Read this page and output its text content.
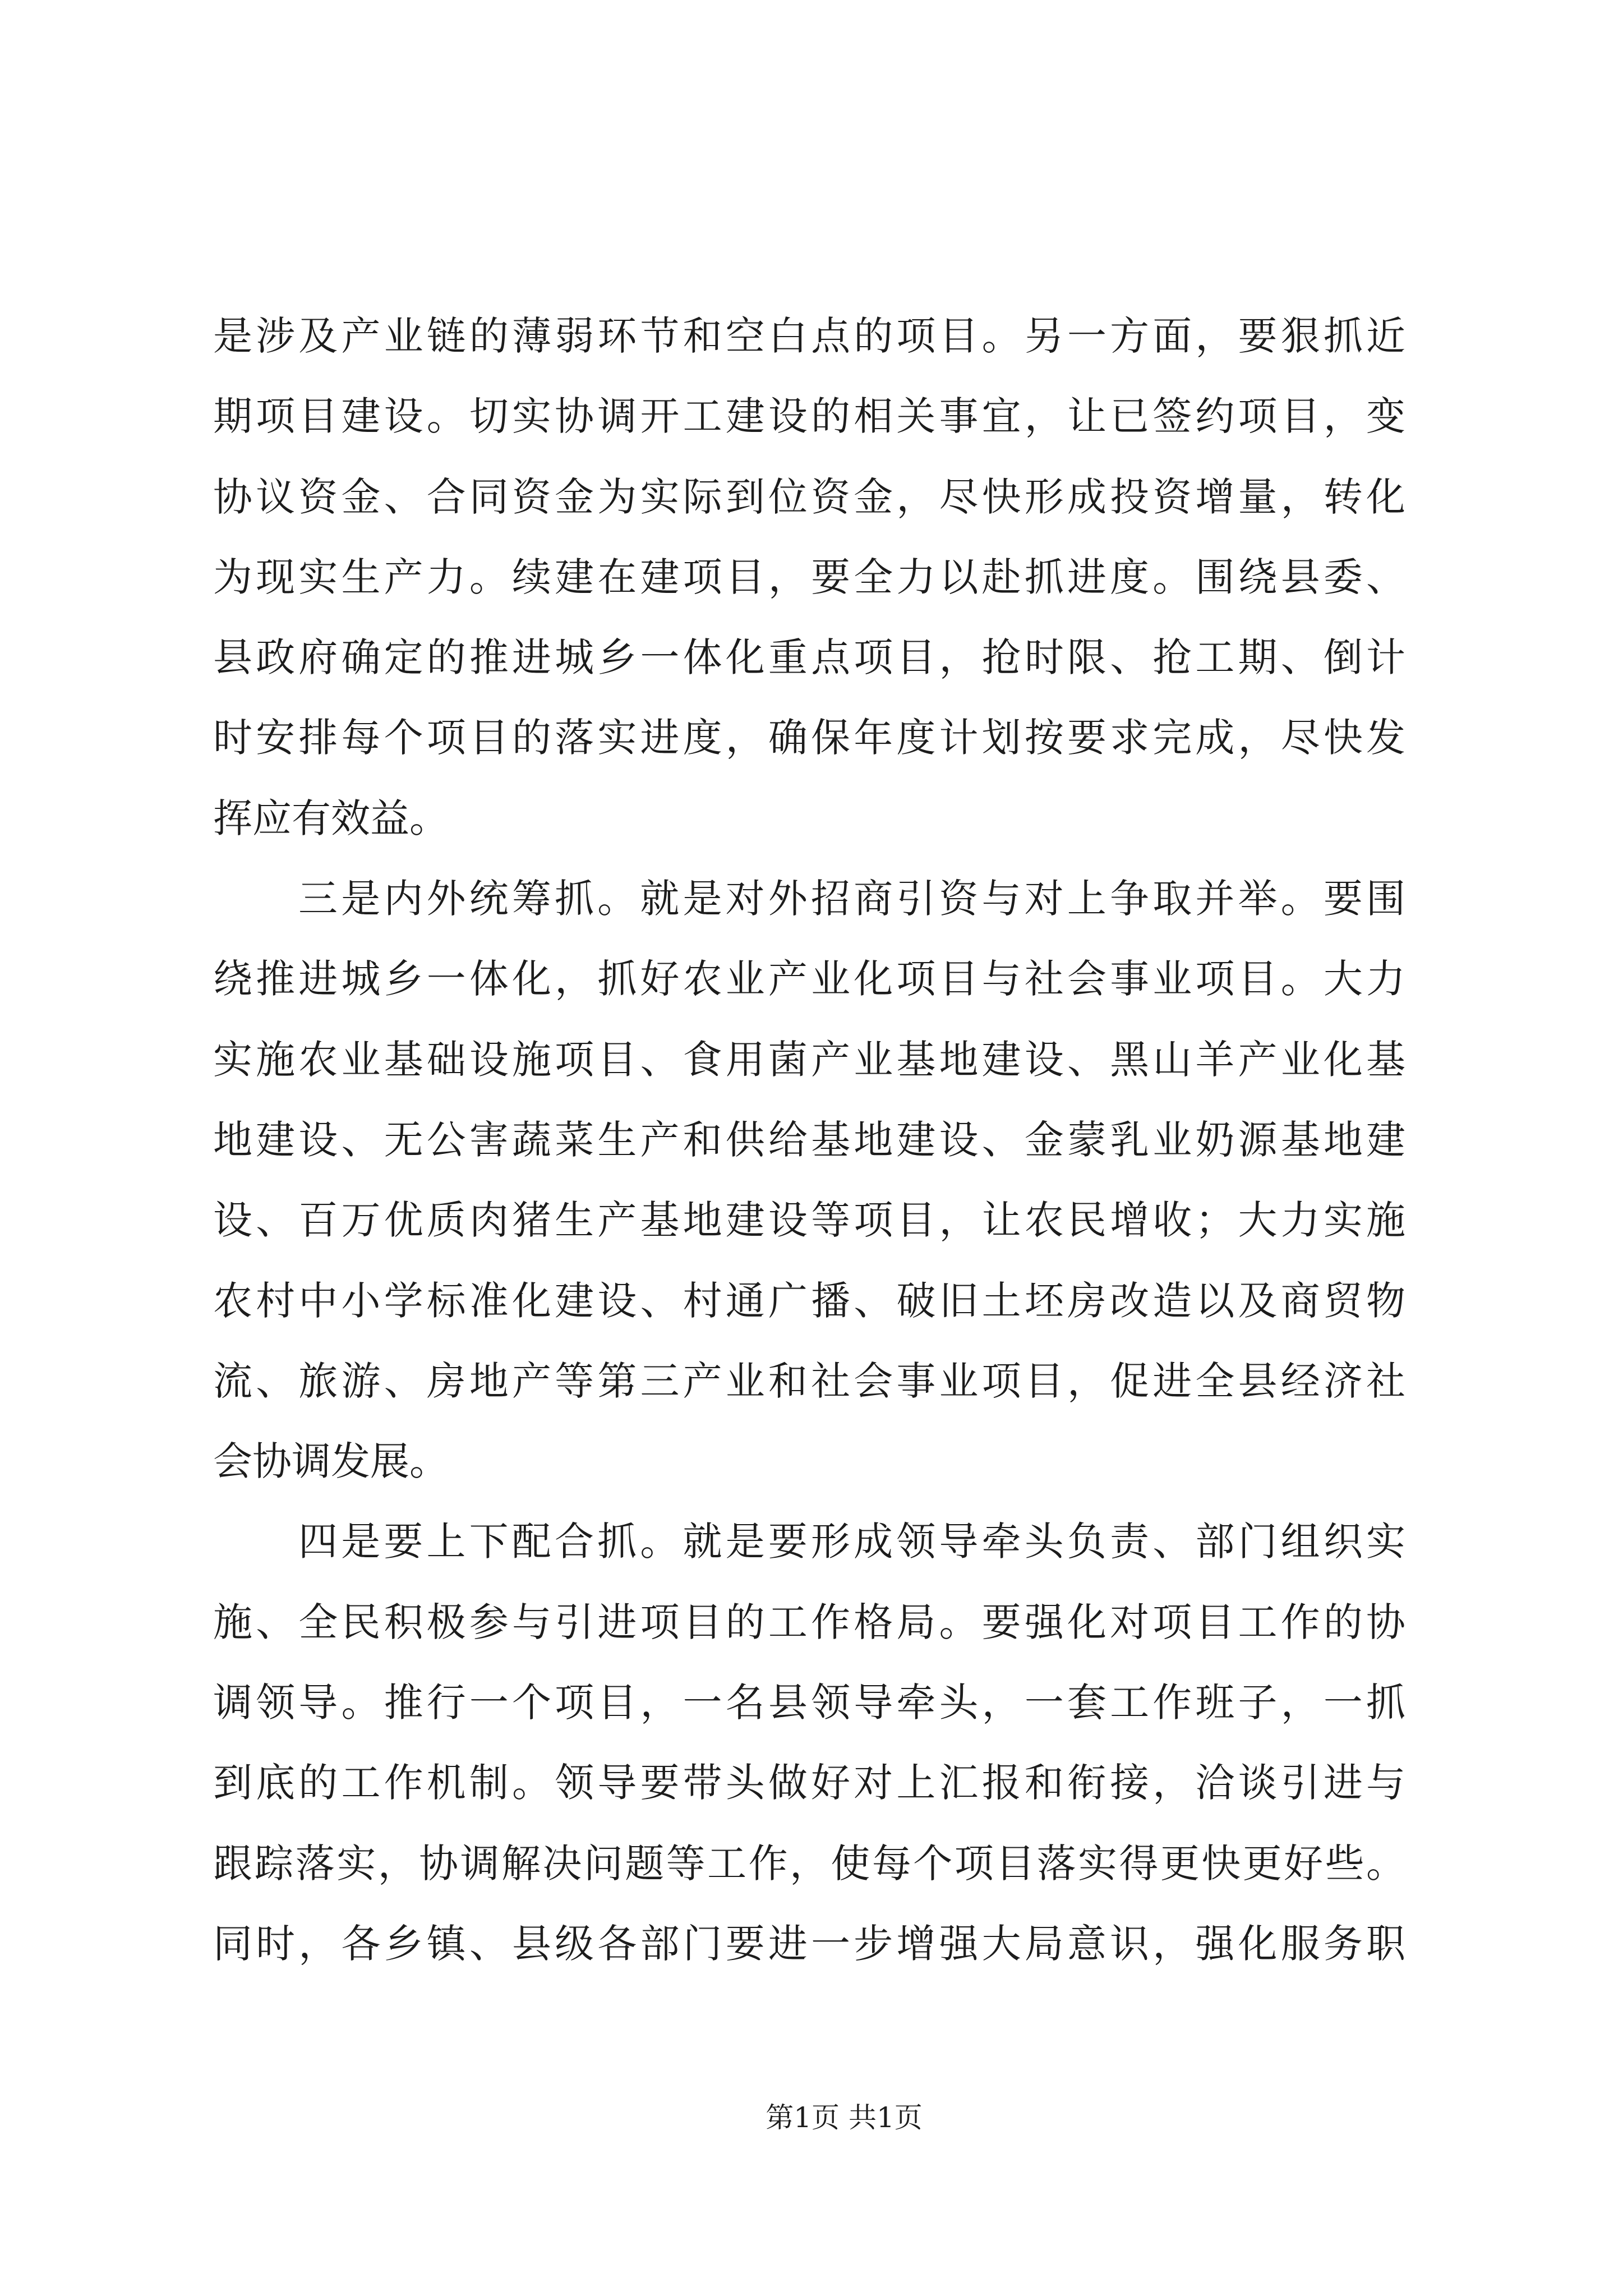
是涉及产业链的薄弱环节和空白点的项目。另一方面，要狠抓近
期项目建设。切实协调开工建设的相关事宜，让已签约项目，变
协议资金、合同资金为实际到位资金，尽快形成投资增量，转化
为现实生产力。续建在建项目，要全力以赴抓进度。围绕县委、
县政府确定的推进城乡一体化重点项目，抢时限、抢工期、倒计
时安排每个项目的落实进度，确保年度计划按要求完成，尽快发
挥应有效益。
三是内外统筹抓。就是对外招商引资与对上争取并举。要围
绕推进城乡一体化，抓好农业产业化项目与社会事业项目。大力
实施农业基础设施项目、食用菌产业基地建设、黑山羊产业化基
地建设、无公害蔬菜生产和供给基地建设、金蒙乳业奶源基地建
设、百万优质肉猪生产基地建设等项目，让农民增收；大力实施
农村中小学标准化建设、村通广播、破旧土坯房改造以及商贸物
流、旅游、房地产等第三产业和社会事业项目，促进全县经济社
会协调发展。
四是要上下配合抓。就是要形成领导牵头负责、部门组织实
施、全民积极参与引进项目的工作格局。要强化对项目工作的协
调领导。推行一个项目，一名县领导牵头，一套工作班子，一抓
到底的工作机制。领导要带头做好对上汇报和衔接，洽谈引进与
跟踪落实，协调解决问题等工作，使每个项目落实得更快更好些。
同时，各乡镇、县级各部门要进一步增强大局意识，强化服务职
第1页 共1页
